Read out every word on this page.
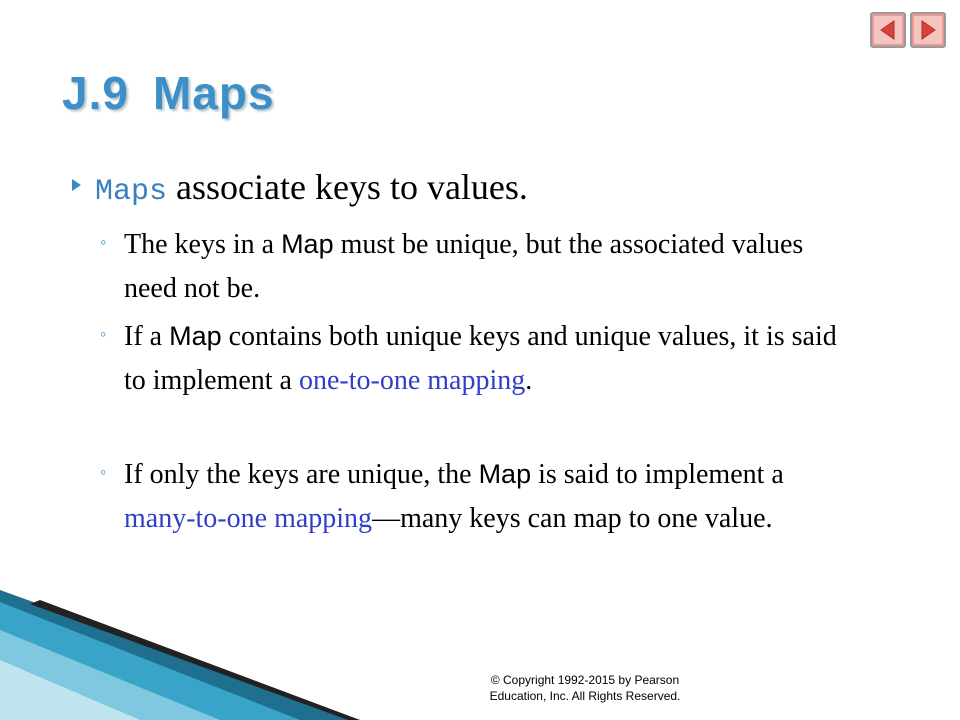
J.9 Maps
Maps associate keys to values.
◦ The keys in a Map must be unique, but the associated values need not be.
◦ If a Map contains both unique keys and unique values, it is said to implement a one-to-one mapping.
◦ If only the keys are unique, the Map is said to implement a many-to-one mapping—many keys can map to one value.
© Copyright 1992-2015 by Pearson
Education, Inc. All Rights Reserved.
